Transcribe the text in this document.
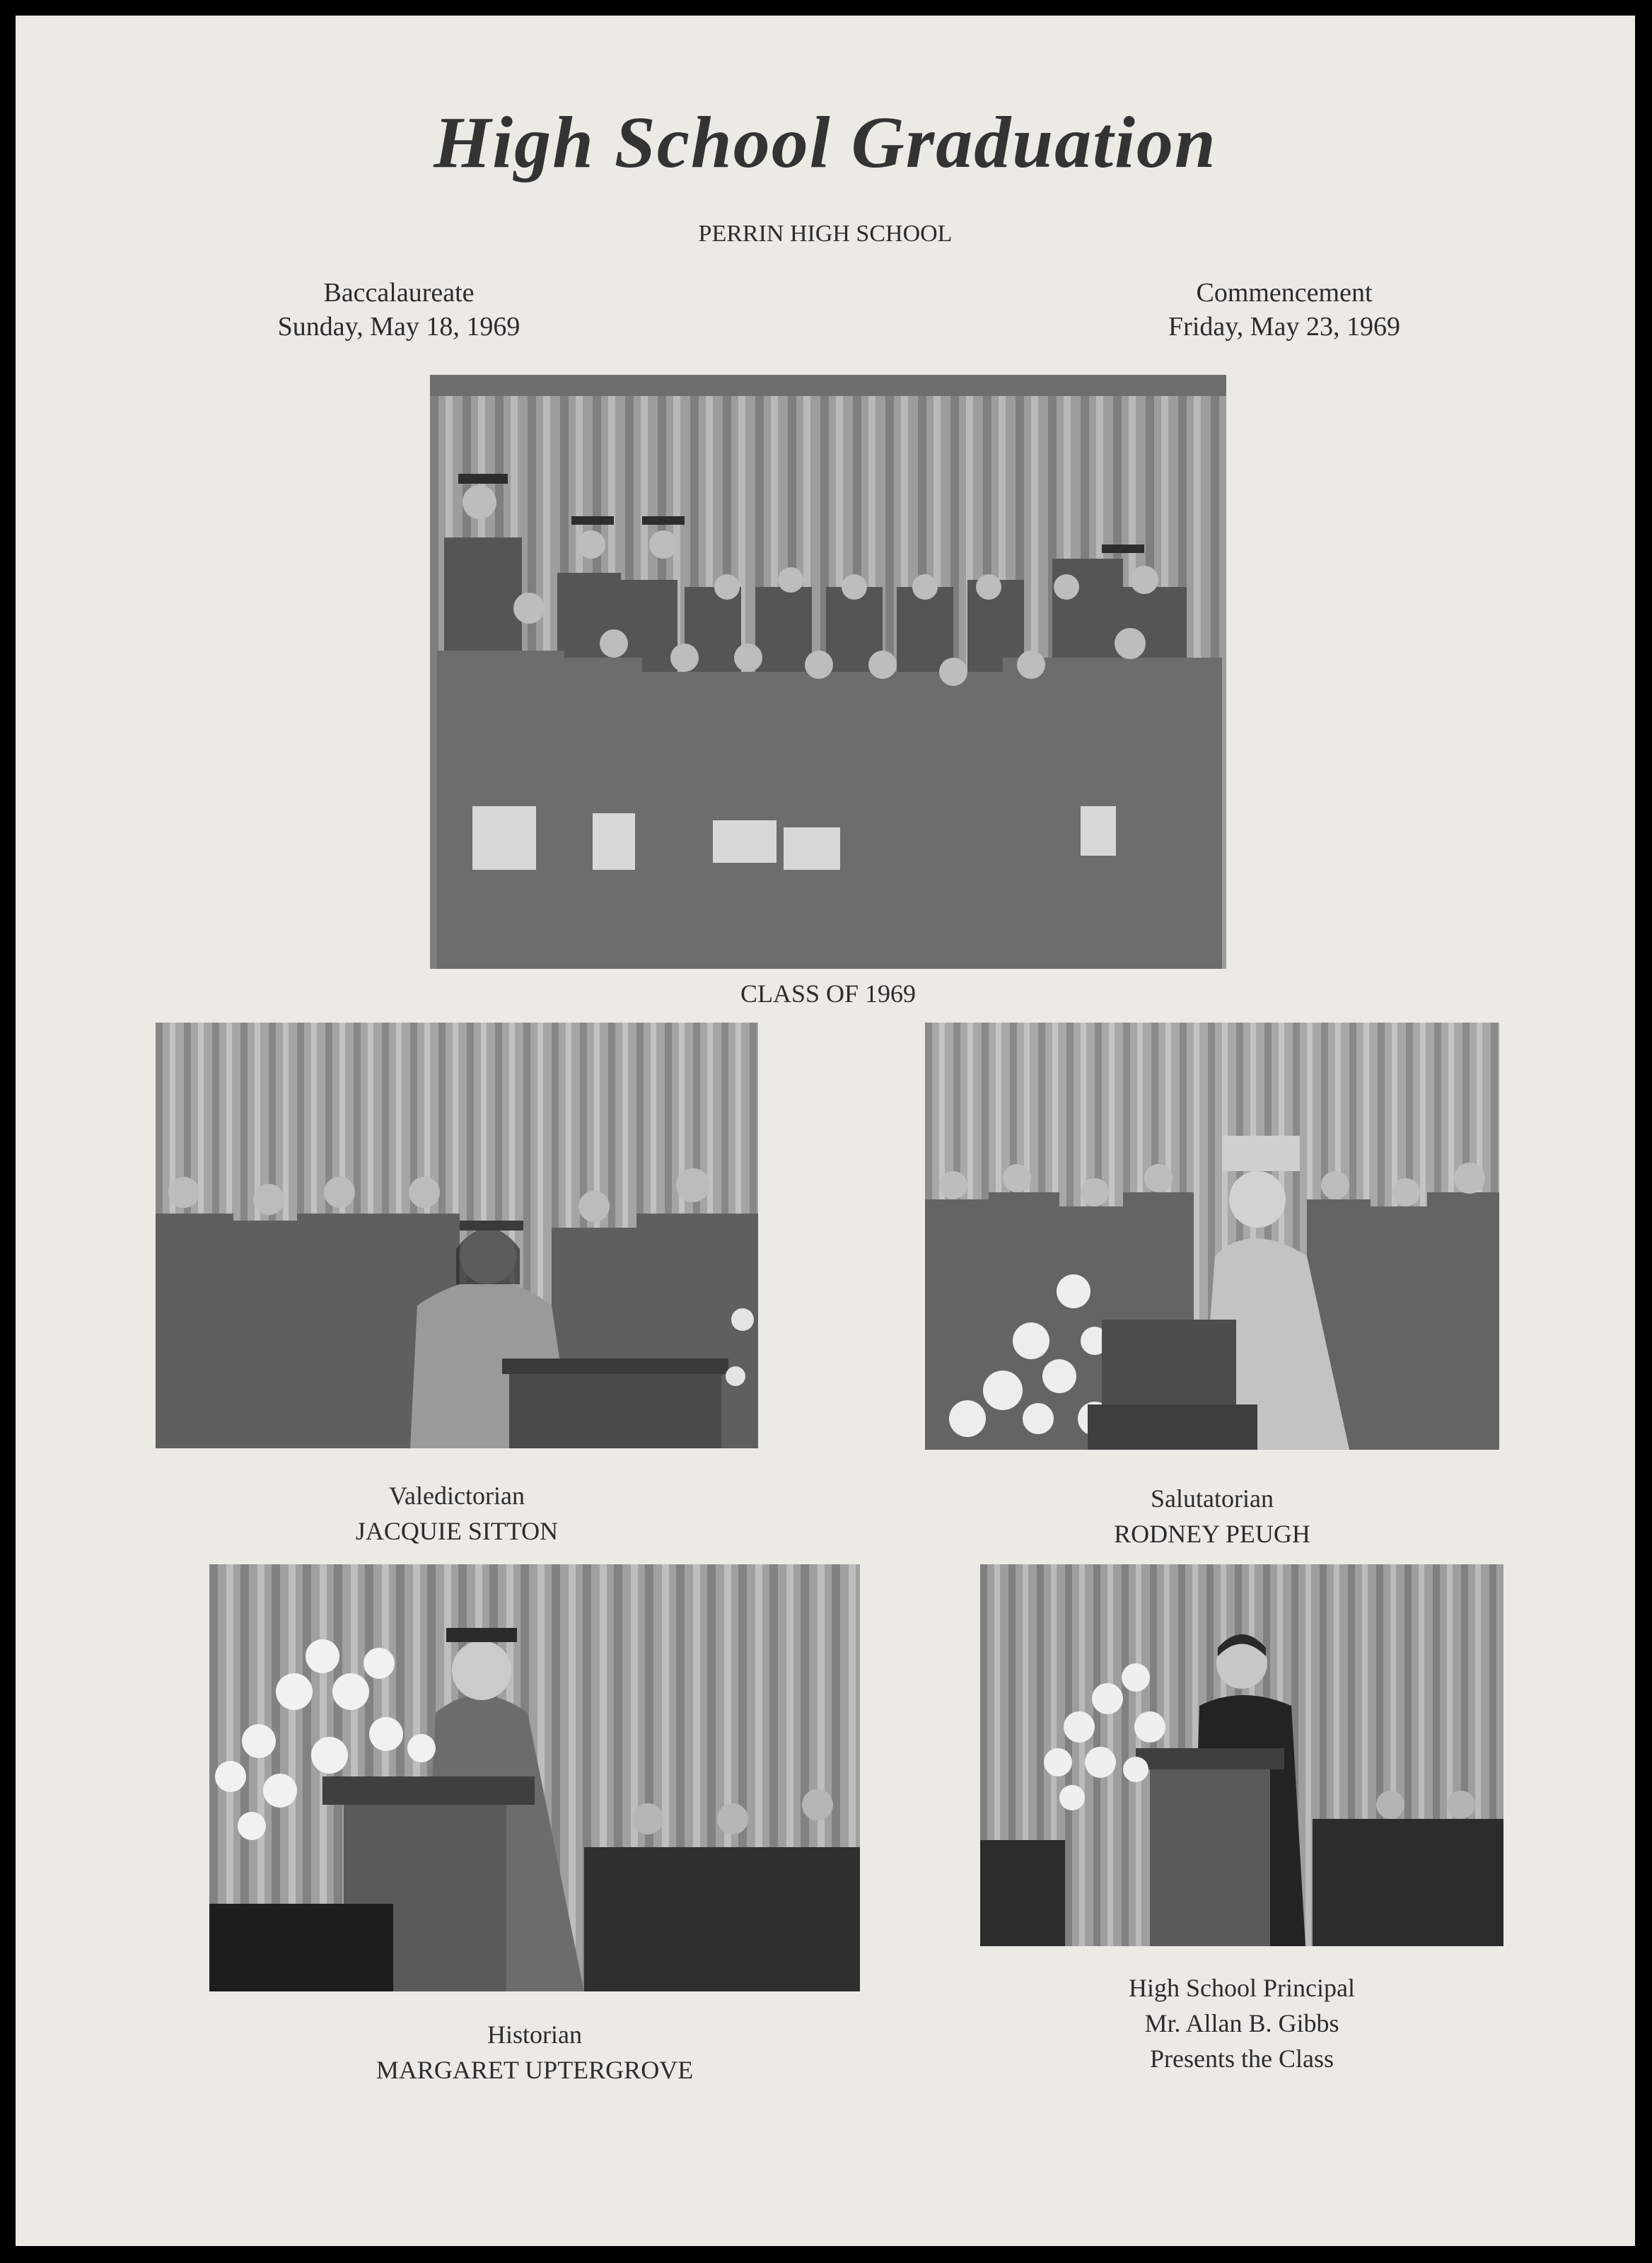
High School Graduation
PERRIN HIGH SCHOOL
Baccalaureate
Sunday, May 18, 1969
Commencement
Friday, May 23, 1969
CLASS OF 1969
Valedictorian
JACQUIE SITTON
Salutatorian
RODNEY PEUGH
Historian
MARGARET UPTERGROVE
High School Principal
Mr. Allan B. Gibbs
Presents the Class
